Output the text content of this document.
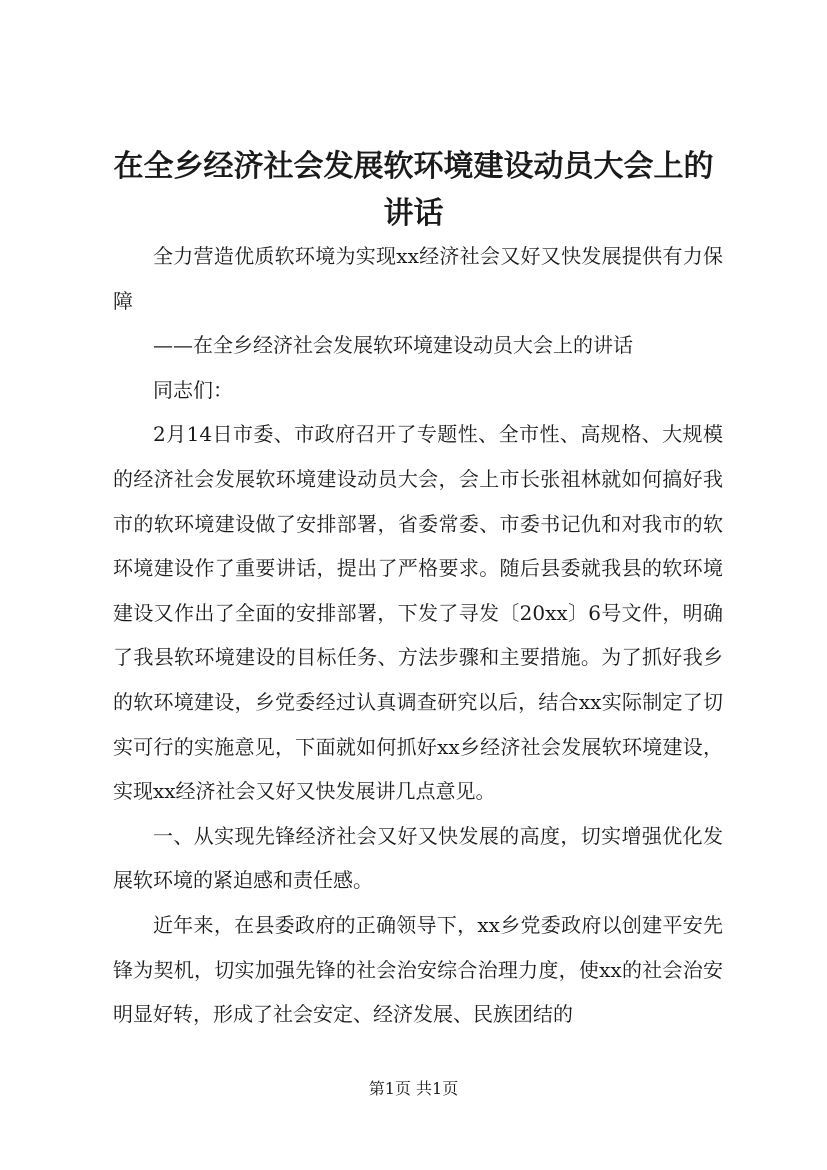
在全乡经济社会发展软环境建设动员大会上的讲话

全力营造优质软环境为实现xx经济社会又好又快发展提供有力保障

——在全乡经济社会发展软环境建设动员大会上的讲话

同志们：

2月14日市委、市政府召开了专题性、全市性、高规格、大规模的经济社会发展软环境建设动员大会，会上市长张祖林就如何搞好我市的软环境建设做了安排部署，省委常委、市委书记仇和对我市的软环境建设作了重要讲话，提出了严格要求。随后县委就我县的软环境建设又作出了全面的安排部署，下发了寻发〔20xx〕6号文件，明确了我县软环境建设的目标任务、方法步骤和主要措施。为了抓好我乡的软环境建设，乡党委经过认真调查研究以后，结合xx实际制定了切实可行的实施意见，下面就如何抓好xx乡经济社会发展软环境建设，实现xx经济社会又好又快发展讲几点意见。

一、从实现先锋经济社会又好又快发展的高度，切实增强优化发展软环境的紧迫感和责任感。

近年来，在县委政府的正确领导下，xx乡党委政府以创建平安先锋为契机，切实加强先锋的社会治安综合治理力度，使xx的社会治安明显好转，形成了社会安定、经济发展、民族团结的

第1页 共1页
